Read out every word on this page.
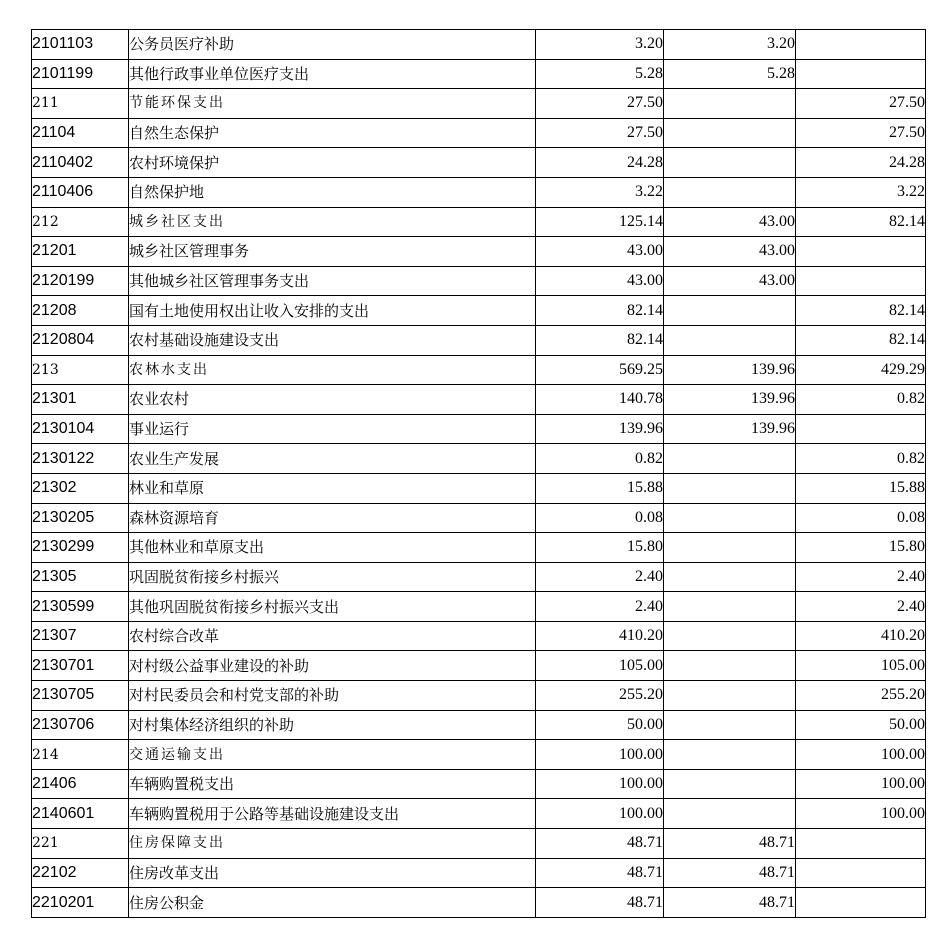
2101103	公务员医疗补助	3.20	3.20	
2101199	其他行政事业单位医疗支出	5.28	5.28	
211	节能环保支出	27.50		27.50
21104	自然生态保护	27.50		27.50
2110402	农村环境保护	24.28		24.28
2110406	自然保护地	3.22		3.22
212	城乡社区支出	125.14	43.00	82.14
21201	城乡社区管理事务	43.00	43.00	
2120199	其他城乡社区管理事务支出	43.00	43.00	
21208	国有土地使用权出让收入安排的支出	82.14		82.14
2120804	农村基础设施建设支出	82.14		82.14
213	农林水支出	569.25	139.96	429.29
21301	农业农村	140.78	139.96	0.82
2130104	事业运行	139.96	139.96	
2130122	农业生产发展	0.82		0.82
21302	林业和草原	15.88		15.88
2130205	森林资源培育	0.08		0.08
2130299	其他林业和草原支出	15.80		15.80
21305	巩固脱贫衔接乡村振兴	2.40		2.40
2130599	其他巩固脱贫衔接乡村振兴支出	2.40		2.40
21307	农村综合改革	410.20		410.20
2130701	对村级公益事业建设的补助	105.00		105.00
2130705	对村民委员会和村党支部的补助	255.20		255.20
2130706	对村集体经济组织的补助	50.00		50.00
214	交通运输支出	100.00		100.00
21406	车辆购置税支出	100.00		100.00
2140601	车辆购置税用于公路等基础设施建设支出	100.00		100.00
221	住房保障支出	48.71	48.71	
22102	住房改革支出	48.71	48.71	
2210201	住房公积金	48.71	48.71	
